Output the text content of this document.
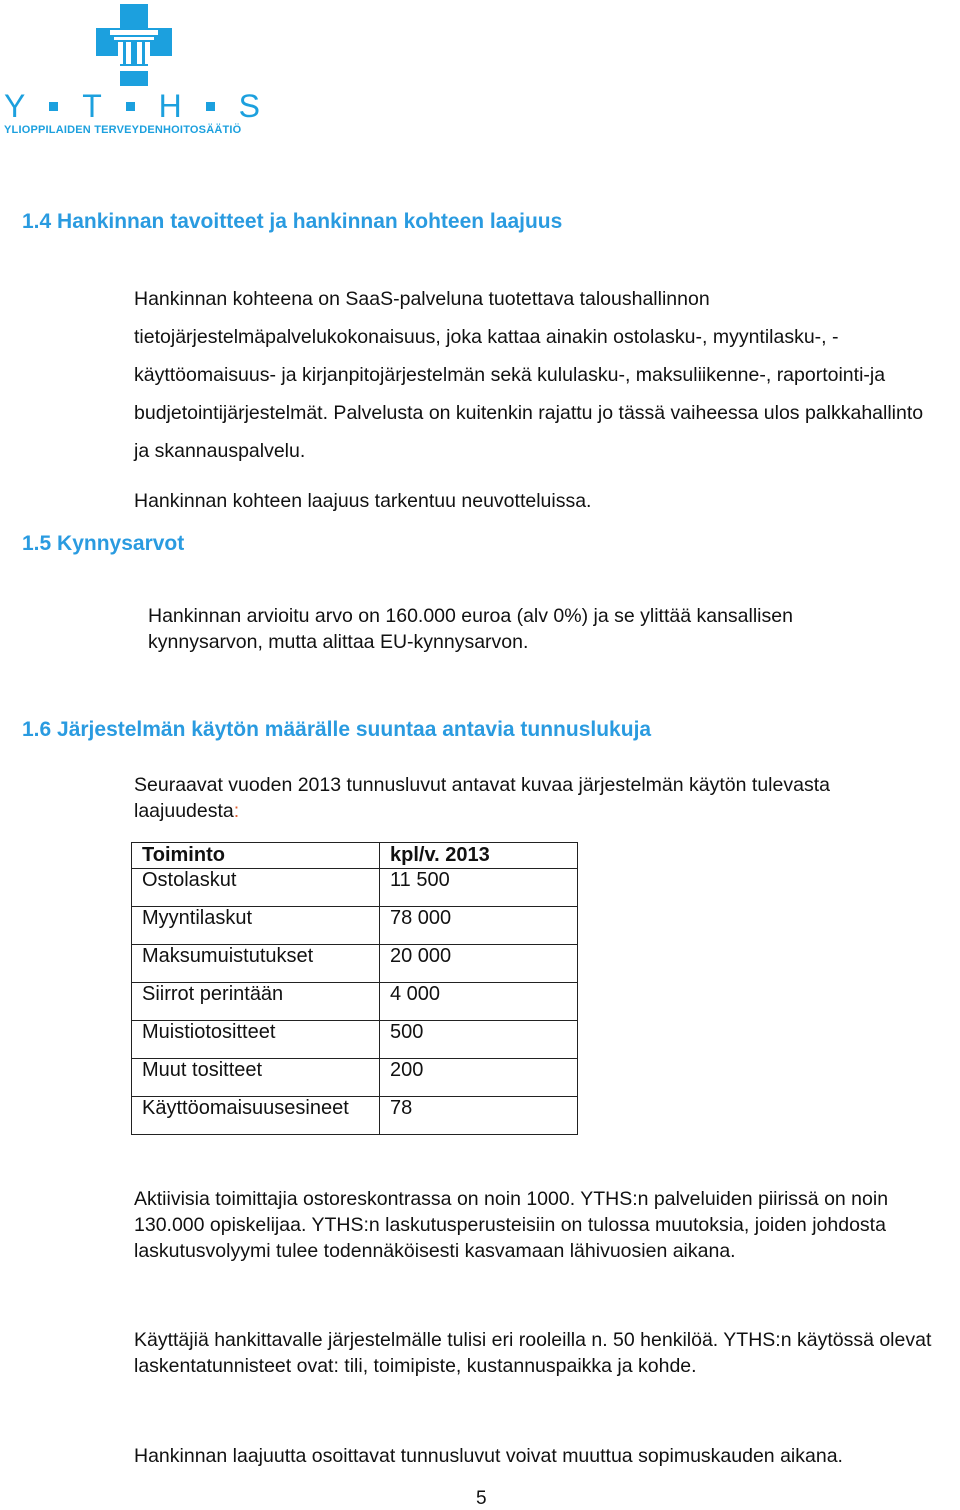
Y T H S
YLIOPPILAIDEN TERVEYDENHOITOSÄÄTIÖ
1.4 Hankinnan tavoitteet ja hankinnan kohteen laajuus

Hankinnan kohteena on SaaS-palveluna tuotettava taloushallinnon tietojärjestelmäpalvelukokonaisuus, joka kattaa ainakin ostolasku-, myyntilasku-, -käyttöomaisuus- ja kirjanpitojärjestelmän sekä kululasku-, maksuliikenne-, raportointi-ja budjetointijärjestelmät. Palvelusta on kuitenkin rajattu jo tässä vaiheessa ulos palkkahallinto ja skannauspalvelu.

Hankinnan kohteen laajuus tarkentuu neuvotteluissa.

1.5 Kynnysarvot

Hankinnan arvioitu arvo on 160.000 euroa (alv 0%) ja se ylittää kansallisen kynnysarvon, mutta alittaa EU-kynnysarvon.

1.6 Järjestelmän käytön määrälle suuntaa antavia tunnuslukuja

Seuraavat vuoden 2013 tunnusluvut antavat kuvaa järjestelmän käytön tulevasta laajuudesta:

Toiminto	kpl/v. 2013
Ostolaskut	11 500
Myyntilaskut	78 000
Maksumuistutukset	20 000
Siirrot perintään	4 000
Muistiotositteet	500
Muut tositteet	200
Käyttöomaisuusesineet	78

Aktiivisia toimittajia ostoreskontrassa on noin 1000. YTHS:n palveluiden piirissä on noin 130.000 opiskelijaa. YTHS:n laskutusperusteisiin on tulossa muutoksia, joiden johdosta laskutusvolyymi tulee todennäköisesti kasvamaan lähivuosien aikana.

Käyttäjiä hankittavalle järjestelmälle tulisi eri rooleilla n. 50 henkilöä. YTHS:n käytössä olevat laskentatunnisteet ovat: tili, toimipiste, kustannuspaikka ja kohde.

Hankinnan laajuutta osoittavat tunnusluvut voivat muuttua sopimuskauden aikana.

5
